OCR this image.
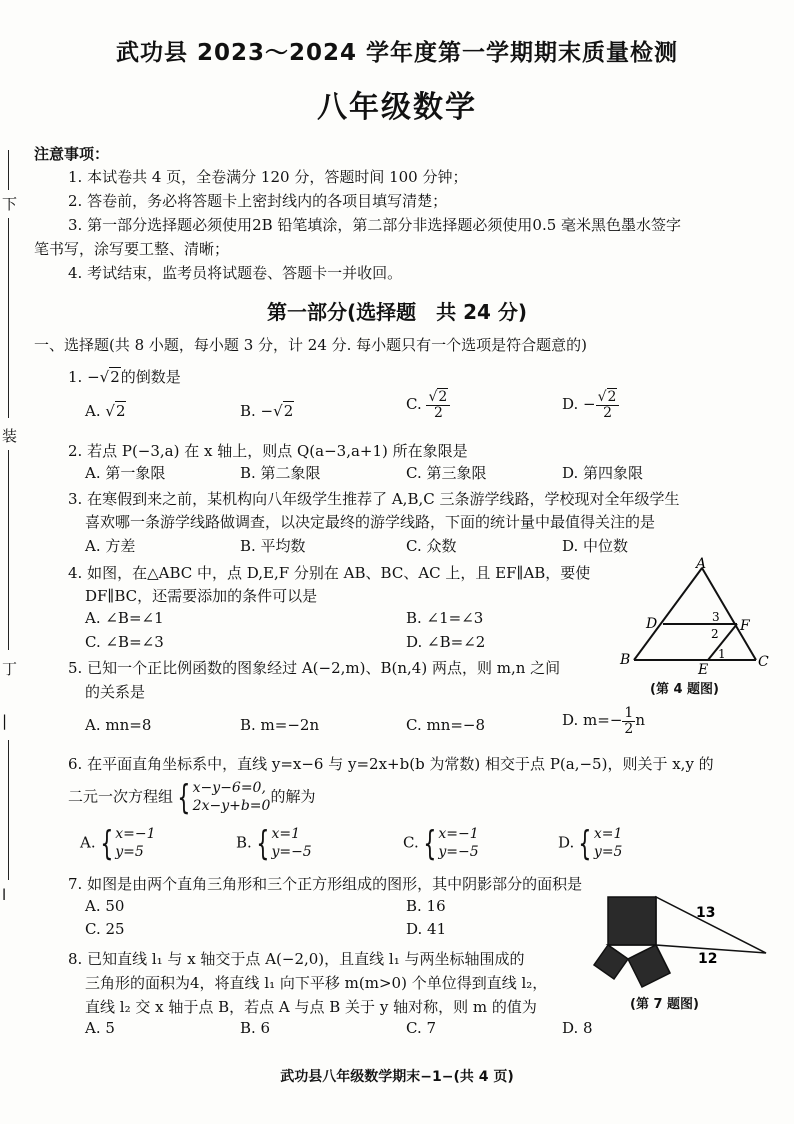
下
装
丁
|
l
武功县 2023～2024 学年度第一学期期末质量检测
八年级数学
注意事项：
1. 本试卷共 4 页，全卷满分 120 分，答题时间 100 分钟；
2. 答卷前，务必将答题卡上密封线内的各项目填写清楚；
3. 第一部分选择题必须使用2B 铅笔填涂，第二部分非选择题必须使用0.5 毫米黑色墨水签字
笔书写，涂写要工整、清晰；
4. 考试结束，监考员将试题卷、答题卡一并收回。
第一部分(选择题　共 24 分)
一、选择题(共 8 小题，每小题 3 分，计 24 分. 每小题只有一个选项是符合题意的)
1. −√2的倒数是
A. √2	B. −√2	C. $\frac{√2}{2}$	D. − $\frac{√2}{2}$
2. 若点 P(−3,a) 在 x 轴上，则点 Q(a−3,a+1) 所在象限是
A. 第一象限	B. 第二象限	C. 第三象限	D. 第四象限
3. 在寒假到来之前，某机构向八年级学生推荐了 A,B,C 三条游学线路，学校现对全年级学生
喜欢哪一条游学线路做调查，以决定最终的游学线路，下面的统计量中最值得关注的是
A. 方差	B. 平均数	C. 众数	D. 中位数
4. 如图，在△ABC 中，点 D,E,F 分别在 AB、BC、AC 上，且 EF∥AB，要使
DF∥BC，还需要添加的条件可以是
A. ∠B=∠1	B. ∠1=∠3
C. ∠B=∠3	D. ∠B=∠2
A
B	C
D
E
F
1
2
3
(第 4 题图)
5. 已知一个正比例函数的图象经过 A(−2,m)、B(n,4) 两点，则 m,n 之间
的关系是
A. mn=8	B. m=−2n	C. mn=−8	D. $m=- \frac{1}{2}$ n
6. 在平面直角坐标系中，直线 y=x−6 与 y=2x+b(b 为常数) 相交于点 P(a,−5)，则关于 x,y 的
二元一次方程组 { x−y−6=0,
2x−y+b=0 的解为
A. { x=−1
y=5	B. { x=1
y=−5	C. { x=−1
y=−5	D. { x=1
y=5
7. 如图是由两个直角三角形和三个正方形组成的图形，其中阴影部分的面积是
A. 50	B. 16
C. 25	D. 41
13
12
(第 7 题图)
8. 已知直线 l₁ 与 x 轴交于点 A(−2,0)，且直线 l₁ 与两坐标轴围成的
三角形的面积为4，将直线 l₁ 向下平移 m(m>0) 个单位得到直线 l₂，
直线 l₂ 交 x 轴于点 B，若点 A 与点 B 关于 y 轴对称，则 m 的值为
A. 5	B. 6	C. 7	D. 8
武功县八年级数学期末−1−(共 4 页)
